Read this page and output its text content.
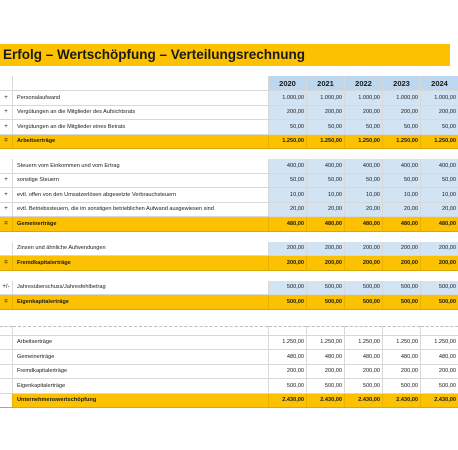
Erfolg – Wertschöpfung – Verteilungsrechnung
		2020	2021	2022	2023	2024
+	Personalaufwand	1.000,00	1.000,00	1.000,00	1.000,00	1.000,00
+	Vergütungen an die Mitglieder des Aufsichtsrats	200,00	200,00	200,00	200,00	200,00
+	Vergütungen an die Mitglieder eines Beirats	50,00	50,00	50,00	50,00	50,00
=	Arbeitserträge	1.250,00	1.250,00	1.250,00	1.250,00	1.250,00

	Steuern vom Einkommen und vom Ertrag	400,00	400,00	400,00	400,00	400,00
+	sonstige Steuern	50,00	50,00	50,00	50,00	50,00
+	evtl. offen von den Umsatzerlösen abgesetzte Verbrauchsteuern	10,00	10,00	10,00	10,00	10,00
+	evtl. Betriebssteuern, die im sonstigen betrieblichen Aufwand ausgewiesen sind	20,00	20,00	20,00	20,00	20,00
=	Gemeinerträge	480,00	480,00	480,00	480,00	480,00

	Zinsen und ähnliche Aufwendungen	200,00	200,00	200,00	200,00	200,00
=	Fremdkapitalerträge	200,00	200,00	200,00	200,00	200,00

+/-	Jahresüberschuss/Jahresfehlbetrag	500,00	500,00	500,00	500,00	500,00
=	Eigenkapitalerträge	500,00	500,00	500,00	500,00	500,00

	Arbeitserträge	1.250,00	1.250,00	1.250,00	1.250,00	1.250,00
	Gemeinerträge	480,00	480,00	480,00	480,00	480,00
	Fremdkapitalerträge	200,00	200,00	200,00	200,00	200,00
	Eigenkapitalerträge	500,00	500,00	500,00	500,00	500,00
	Unternehmenswertschöpfung	2.430,00	2.430,00	2.430,00	2.430,00	2.430,00
